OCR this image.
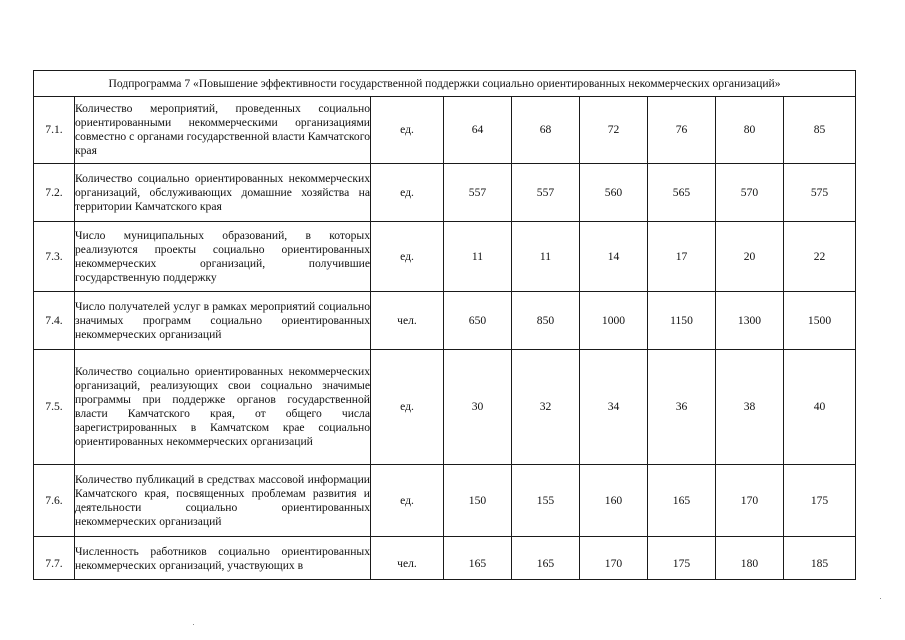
Подпрограмма 7 «Повышение эффективности государственной поддержки социально ориентированных некоммерческих организаций»								
7.1.	Количество мероприятий, проведенных социально ориентированными некоммерческими организациями совместно с органами государственной власти Камчатского края	ед.	64	68	72	76	80	85
7.2.	Количество социально ориентированных некоммерческих организаций, обслуживающих домашние хозяйства на территории Камчатского края	ед.	557	557	560	565	570	575
7.3.	Число муниципальных образований, в которых реализуются проекты социально ориентированных некоммерческих организаций, получившие государственную поддержку	ед.	11	11	14	17	20	22
7.4.	Число получателей услуг в рамках мероприятий социально значимых программ социально ориентированных некоммерческих организаций	чел.	650	850	1000	1150	1300	1500
7.5.	Количество социально ориентированных некоммерческих организаций, реализующих свои социально значимые программы при поддержке органов государственной власти Камчатского края, от общего числа зарегистрированных в Камчатском крае социально ориентированных некоммерческих организаций	ед.	30	32	34	36	38	40
7.6.	Количество публикаций в средствах массовой информации Камчатского края, посвященных проблемам развития и деятельности социально ориентированных некоммерческих организаций	ед.	150	155	160	165	170	175
7.7.	Численность работников социально ориентированных некоммерческих организаций, участвующих в	чел.	165	165	170	175	180	185
